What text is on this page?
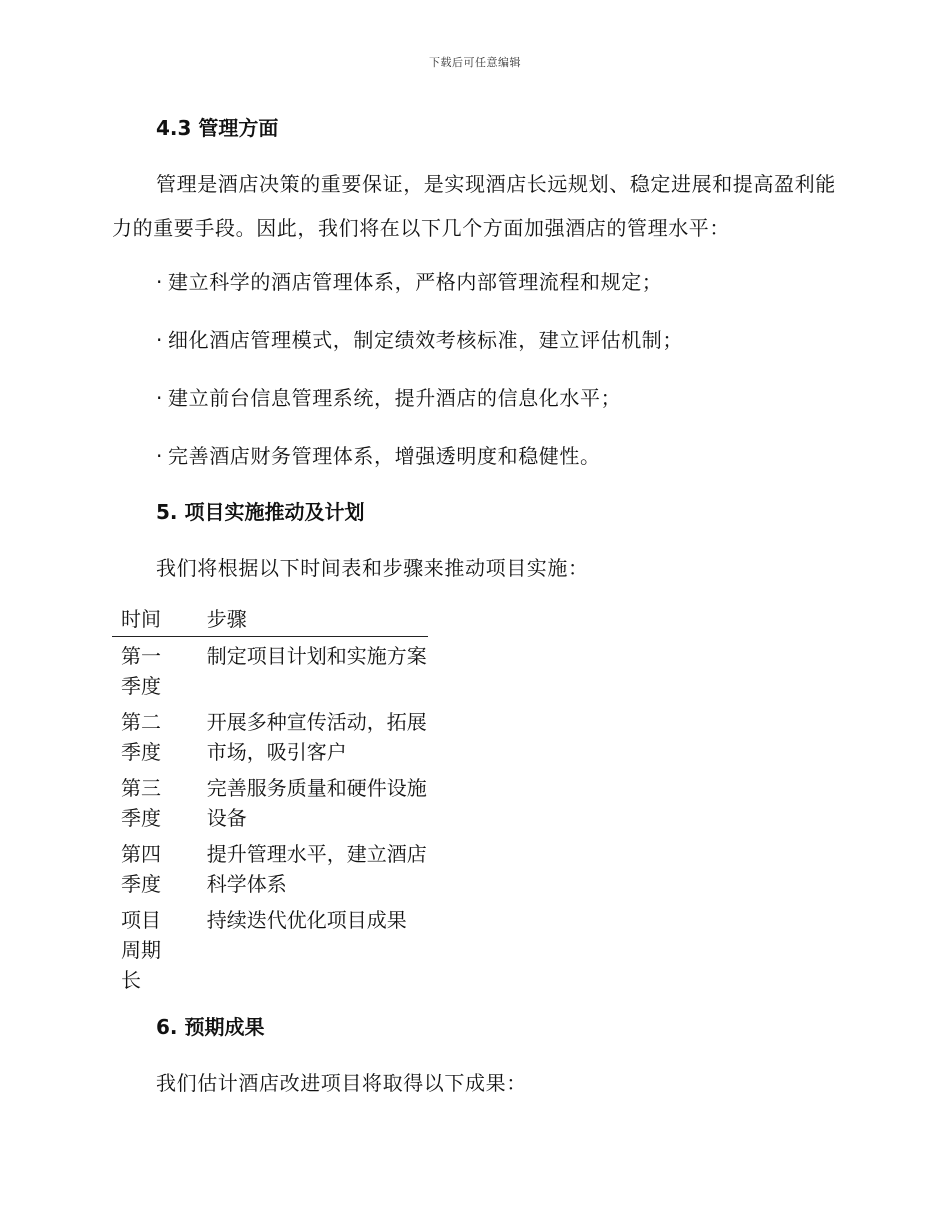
下载后可任意编辑
4.3 管理方面

管理是酒店决策的重要保证，是实现酒店长远规划、稳定进展和提高盈利能力的重要手段。因此，我们将在以下几个方面加强酒店的管理水平：

· 建立科学的酒店管理体系，严格内部管理流程和规定；

· 细化酒店管理模式，制定绩效考核标准，建立评估机制；

· 建立前台信息管理系统，提升酒店的信息化水平；

· 完善酒店财务管理体系，增强透明度和稳健性。

5. 项目实施推动及计划

我们将根据以下时间表和步骤来推动项目实施：

时间	步骤
第一季度	制定项目计划和实施方案
第二季度	开展多种宣传活动，拓展市场，吸引客户
第三季度	完善服务质量和硬件设施设备
第四季度	提升管理水平，建立酒店科学体系
项目周期长	持续迭代优化项目成果
6. 预期成果

我们估计酒店改进项目将取得以下成果：
